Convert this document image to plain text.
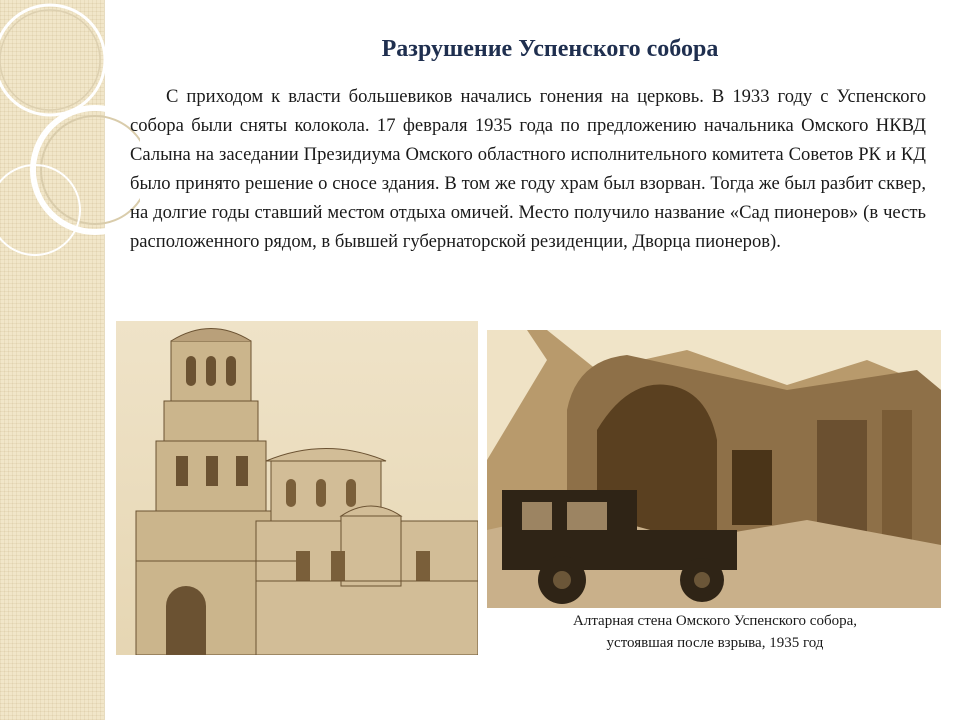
Разрушение Успенского собора

С приходом к власти большевиков начались гонения на церковь. В 1933 году с Успенского собора были сняты колокола. 17 февраля 1935 года по предложению начальника Омского НКВД Салына на заседании Президиума Омского областного исполнительного комитета Советов РК и КД было принято решение о сносе здания. В том же году храм был взорван. Тогда же был разбит сквер, на долгие годы ставший местом отдыха омичей. Место получило название «Сад пионеров» (в честь расположенного рядом, в бывшей губернаторской резиденции, Дворца пионеров).

Алтарная стена Омского Успенского собора,
устоявшая после взрыва, 1935 год
